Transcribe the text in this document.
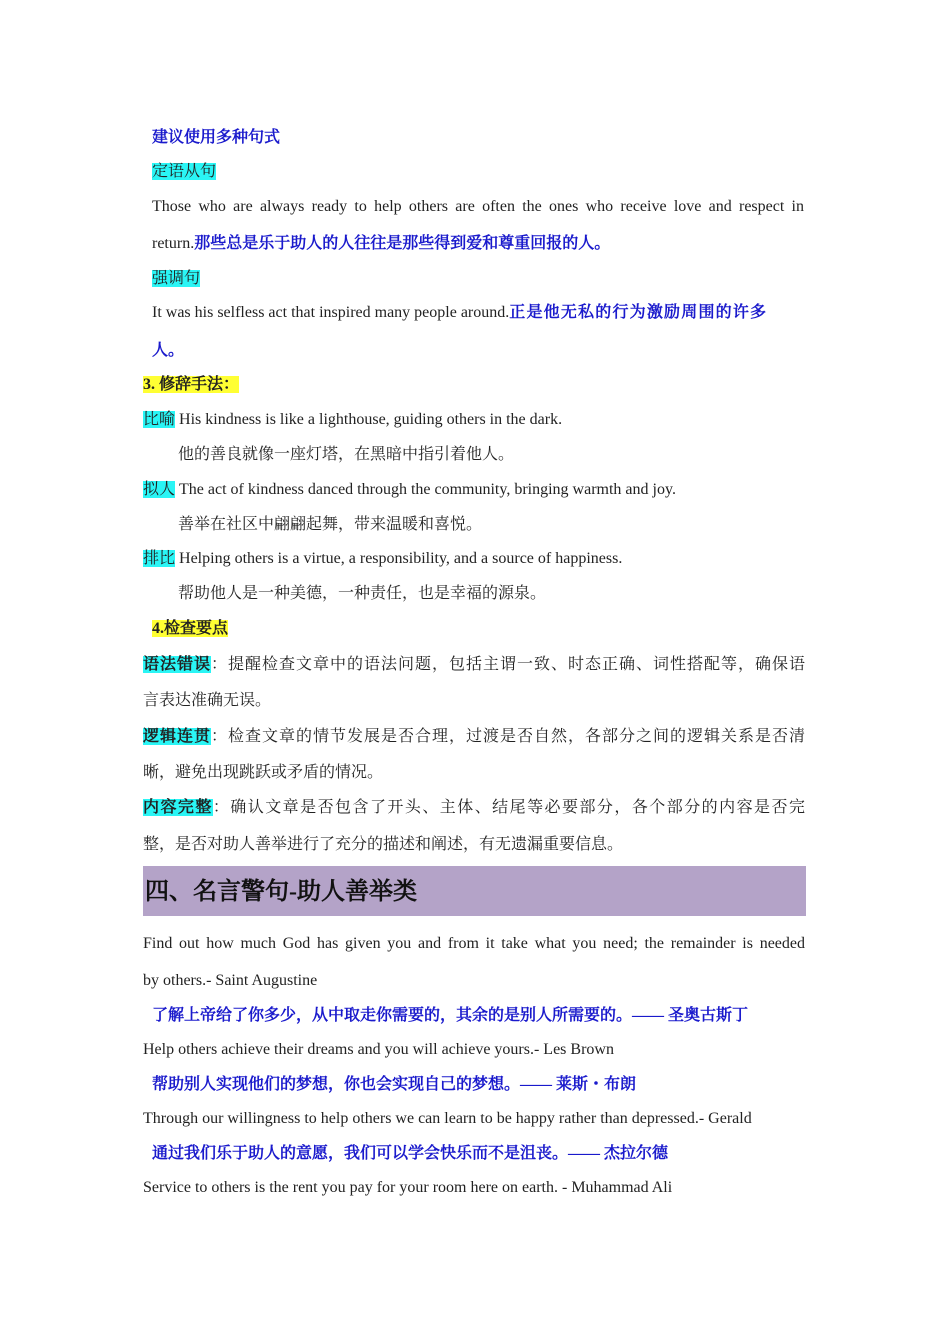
建议使用多种句式
定语从句
Those who are always ready to help others are often the ones who receive love and respect in
return.那些总是乐于助人的人往往是那些得到爱和尊重回报的人。
强调句
It was his selfless act that inspired many people around.正是他无私的行为激励周围的许多
人。
3. 修辞手法：
比喻 His kindness is like a lighthouse, guiding others in the dark.
他的善良就像一座灯塔，在黑暗中指引着他人。
拟人 The act of kindness danced through the community, bringing warmth and joy.
善举在社区中翩翩起舞，带来温暖和喜悦。
排比 Helping others is a virtue, a responsibility, and a source of happiness.
帮助他人是一种美德，一种责任，也是幸福的源泉。
4.检查要点
语法错误：提醒检查文章中的语法问题，包括主谓一致、时态正确、词性搭配等，确保语
言表达准确无误。
逻辑连贯：检查文章的情节发展是否合理，过渡是否自然，各部分之间的逻辑关系是否清
晰，避免出现跳跃或矛盾的情况。
内容完整：确认文章是否包含了开头、主体、结尾等必要部分，各个部分的内容是否完
整，是否对助人善举进行了充分的描述和阐述，有无遗漏重要信息。
四、名言警句-助人善举类
Find out how much God has given you and from it take what you need; the remainder is needed
by others.- Saint Augustine
了解上帝给了你多少，从中取走你需要的，其余的是别人所需要的。—— 圣奥古斯丁
Help others achieve their dreams and you will achieve yours.- Les Brown
帮助别人实现他们的梦想，你也会实现自己的梦想。—— 莱斯・布朗
Through our willingness to help others we can learn to be happy rather than depressed.- Gerald
通过我们乐于助人的意愿，我们可以学会快乐而不是沮丧。—— 杰拉尔德
Service to others is the rent you pay for your room here on earth. - Muhammad Ali
